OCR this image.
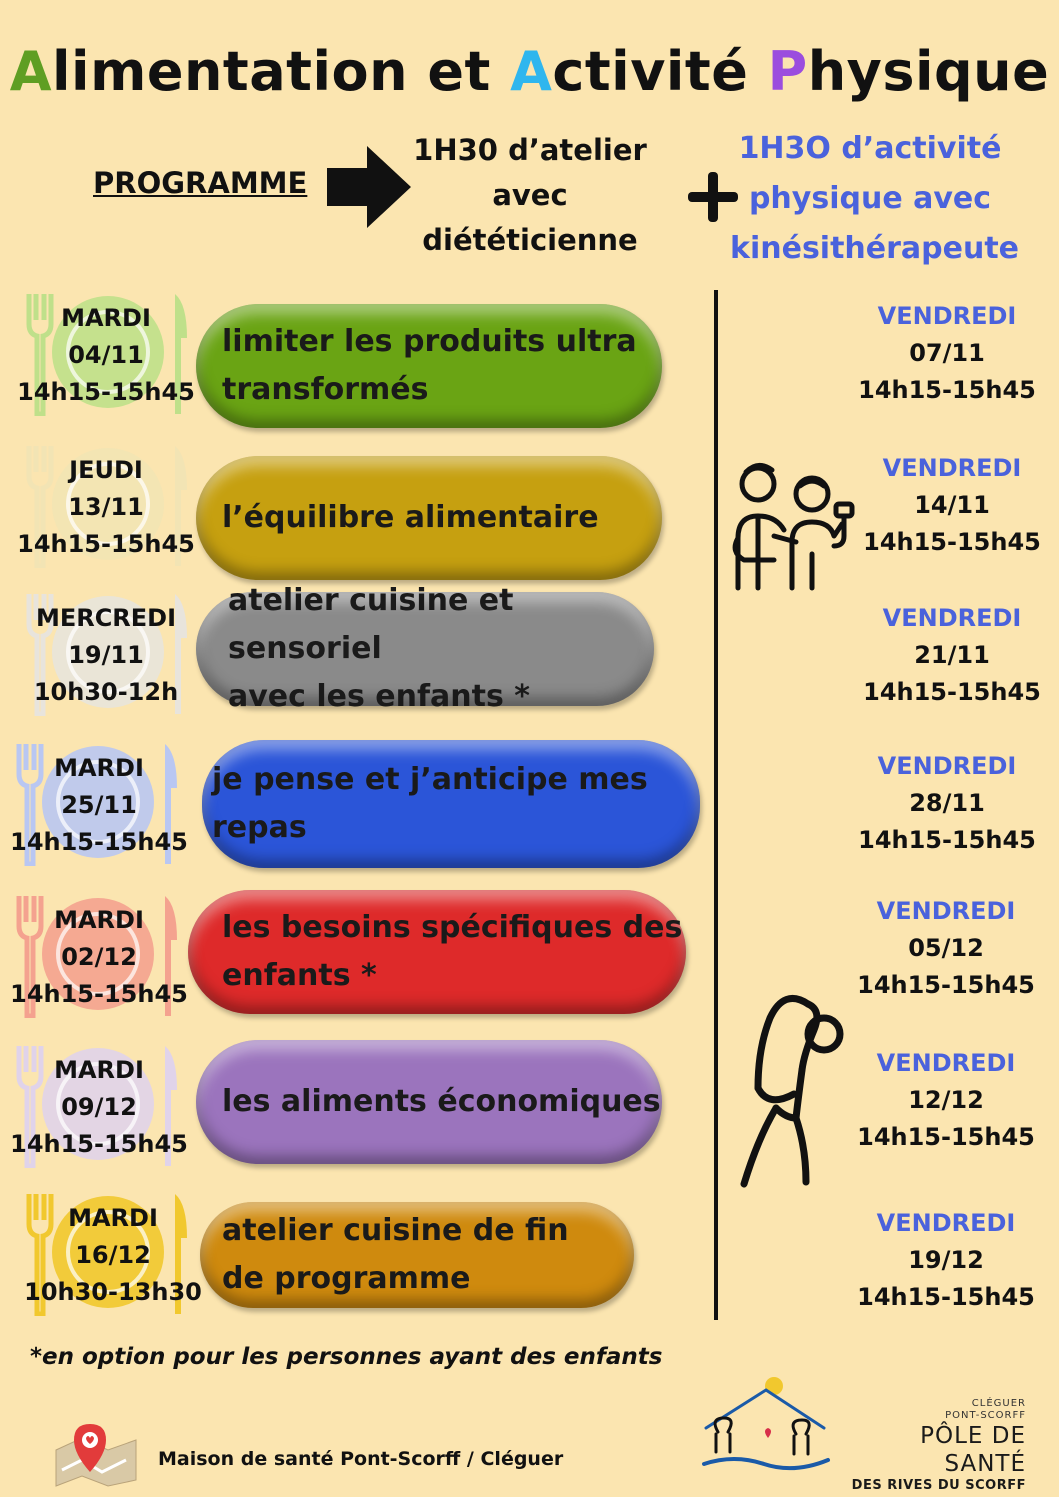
Alimentation et Activité Physique
PROGRAMME
1H30 d’atelier
avec
diététicienne
1H3O d’activité
physique avec
kinésithérapeute
MARDI
04/11
14h15-15h45
limiter les produits ultra
transformés
JEUDI
13/11
14h15-15h45
l’équilibre alimentaire
MERCREDI
19/11
10h30-12h
atelier cuisine et sensoriel
avec les enfants *
MARDI
25/11
14h15-15h45
je pense et j’anticipe mes repas
MARDI
02/12
14h15-15h45
les besoins spécifiques des
enfants *
MARDI
09/12
14h15-15h45
les aliments économiques
MARDI
16/12
10h30-13h30
atelier cuisine de fin
de programme
VENDREDI
07/11
14h15-15h45
VENDREDI
14/11
14h15-15h45
VENDREDI
21/11
14h15-15h45
VENDREDI
28/11
14h15-15h45
VENDREDI
05/12
14h15-15h45
VENDREDI
12/12
14h15-15h45
VENDREDI
19/12
14h15-15h45
*en option pour les personnes ayant des enfants
Maison de santé Pont-Scorff / Cléguer
CLÉGUER
PONT-SCORFF
PÔLE DE SANTÉ
DES RIVES DU SCORFF
